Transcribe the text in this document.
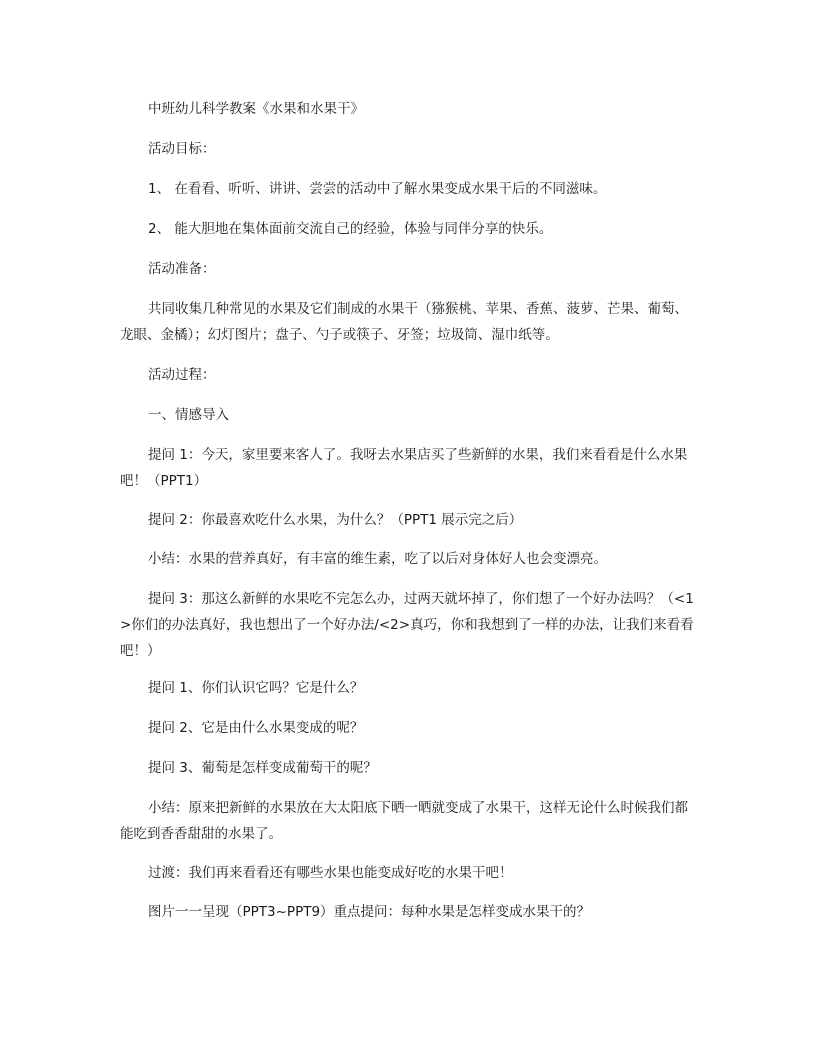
中班幼儿科学教案《水果和水果干》

活动目标：

1、 在看看、听听、讲讲、尝尝的活动中了解水果变成水果干后的不同滋味。

2、 能大胆地在集体面前交流自己的经验，体验与同伴分享的快乐。

活动准备：

共同收集几种常见的水果及它们制成的水果干（猕猴桃、苹果、香蕉、菠萝、芒果、葡萄、龙眼、金橘）；幻灯图片；盘子、勺子或筷子、牙签；垃圾筒、湿巾纸等。

活动过程：

一、情感导入

提问 1：今天，家里要来客人了。我呀去水果店买了些新鲜的水果，我们来看看是什么水果吧！（PPT1）

提问 2：你最喜欢吃什么水果，为什么？（PPT1 展示完之后）

小结：水果的营养真好，有丰富的维生素，吃了以后对身体好人也会变漂亮。

提问 3：那这么新鲜的水果吃不完怎么办，过两天就坏掉了，你们想了一个好办法吗？（<1>你们的办法真好，我也想出了一个好办法/<2>真巧，你和我想到了一样的办法，让我们来看看吧！）

提问 1、你们认识它吗？它是什么？

提问 2、它是由什么水果变成的呢？

提问 3、葡萄是怎样变成葡萄干的呢？

小结：原来把新鲜的水果放在大太阳底下晒一晒就变成了水果干，这样无论什么时候我们都能吃到香香甜甜的水果了。

过渡：我们再来看看还有哪些水果也能变成好吃的水果干吧！

图片一一呈现（PPT3~PPT9）重点提问：每种水果是怎样变成水果干的？
